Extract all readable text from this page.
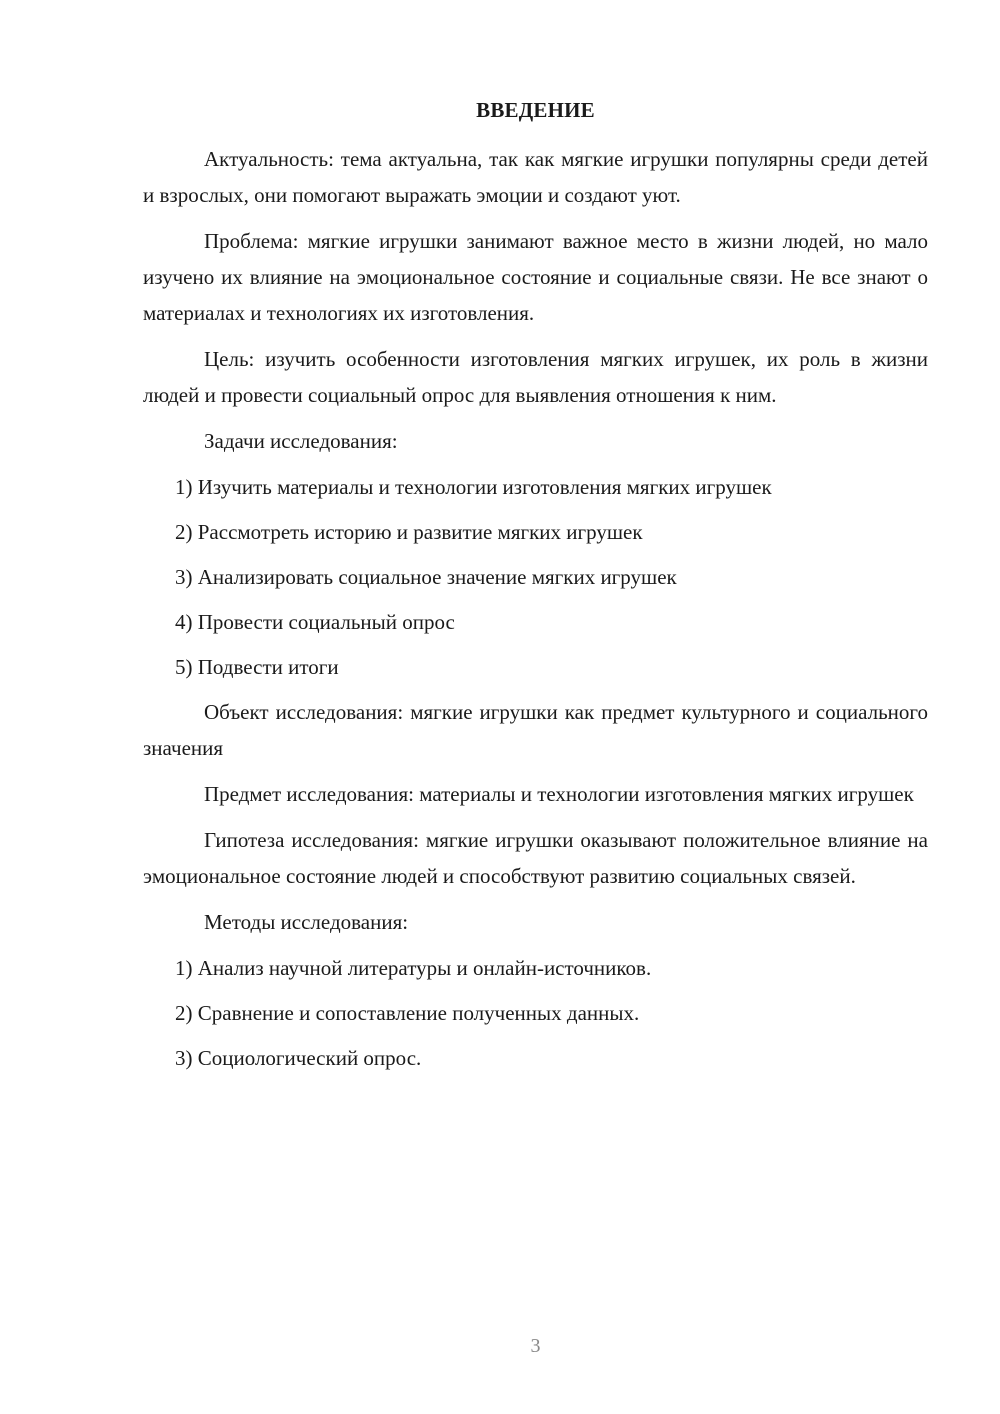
ВВЕДЕНИЕ

Актуальность: тема актуальна, так как мягкие игрушки популярны среди детей и взрослых, они помогают выражать эмоции и создают уют.

Проблема: мягкие игрушки занимают важное место в жизни людей, но мало изучено их влияние на эмоциональное состояние и социальные связи. Не все знают о материалах и технологиях их изготовления.

Цель: изучить особенности изготовления мягких игрушек, их роль в жизни людей и провести социальный опрос для выявления отношения к ним.

Задачи исследования:

1) Изучить материалы и технологии изготовления мягких игрушек

2) Рассмотреть историю и развитие мягких игрушек

3) Анализировать социальное значение мягких игрушек

4) Провести социальный опрос

5) Подвести итоги

Объект исследования: мягкие игрушки как предмет культурного и социального значения

Предмет исследования: материалы и технологии изготовления мягких игрушек

Гипотеза исследования: мягкие игрушки оказывают положительное влияние на эмоциональное состояние людей и способствуют развитию социальных связей.

Методы исследования:

1) Анализ научной литературы и онлайн-источников.

2) Сравнение и сопоставление полученных данных.

3) Социологический опрос.

3
